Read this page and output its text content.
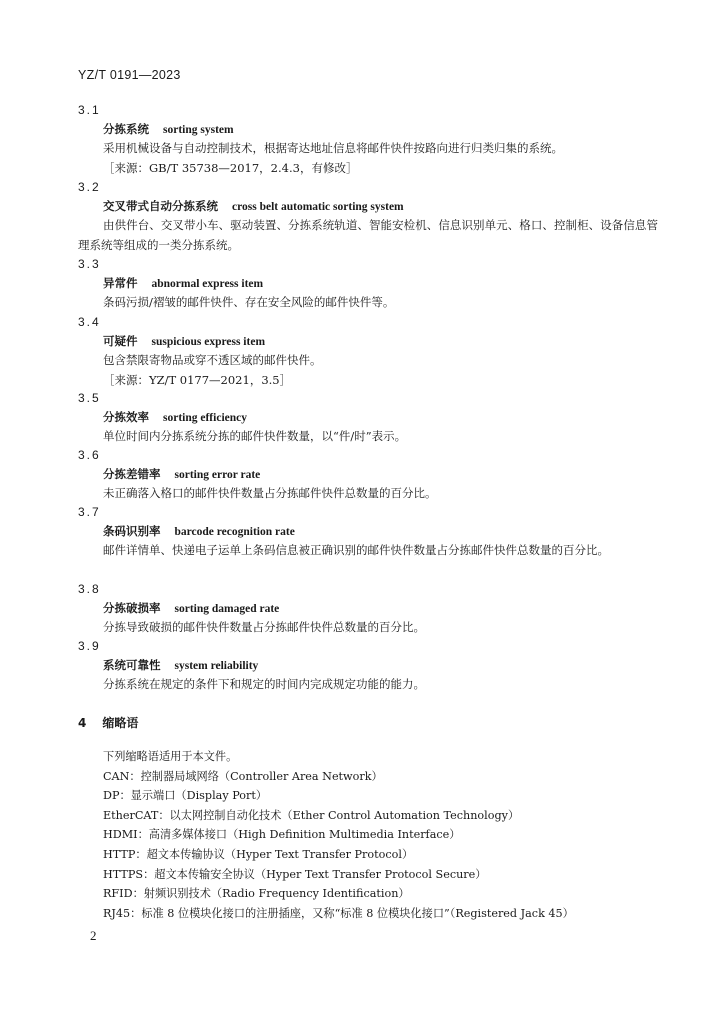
YZ/T 0191—2023
3.1
分拣系统 sorting system
采用机械设备与自动控制技术，根据寄达地址信息将邮件快件按路向进行归类归集的系统。
［来源：GB/T 35738—2017，2.4.3，有修改］
3.2
交叉带式自动分拣系统 cross belt automatic sorting system
由供件台、交叉带小车、驱动装置、分拣系统轨道、智能安检机、信息识别单元、格口、控制柜、设备信息管理系统等组成的一类分拣系统。
3.3
异常件 abnormal express item
条码污损/褶皱的邮件快件、存在安全风险的邮件快件等。
3.4
可疑件 suspicious express item
包含禁限寄物品或穿不透区域的邮件快件。
［来源：YZ/T 0177—2021，3.5］
3.5
分拣效率 sorting efficiency
单位时间内分拣系统分拣的邮件快件数量，以“件/时”表示。
3.6
分拣差错率 sorting error rate
未正确落入格口的邮件快件数量占分拣邮件快件总数量的百分比。
3.7
条码识别率 barcode recognition rate
邮件详情单、快递电子运单上条码信息被正确识别的邮件快件数量占分拣邮件快件总数量的百分比。
3.8
分拣破损率 sorting damaged rate
分拣导致破损的邮件快件数量占分拣邮件快件总数量的百分比。
3.9
系统可靠性 system reliability
分拣系统在规定的条件下和规定的时间内完成规定功能的能力。
4 缩略语
下列缩略语适用于本文件。
CAN：控制器局域网络（Controller Area Network）
DP：显示端口（Display Port）
EtherCAT：以太网控制自动化技术（Ether Control Automation Technology）
HDMI：高清多媒体接口（High Definition Multimedia Interface）
HTTP：超文本传输协议（Hyper Text Transfer Protocol）
HTTPS：超文本传输安全协议（Hyper Text Transfer Protocol Secure）
RFID：射频识别技术（Radio Frequency Identification）
RJ45：标准 8 位模块化接口的注册插座，又称“标准 8 位模块化接口”（Registered Jack 45）
2
